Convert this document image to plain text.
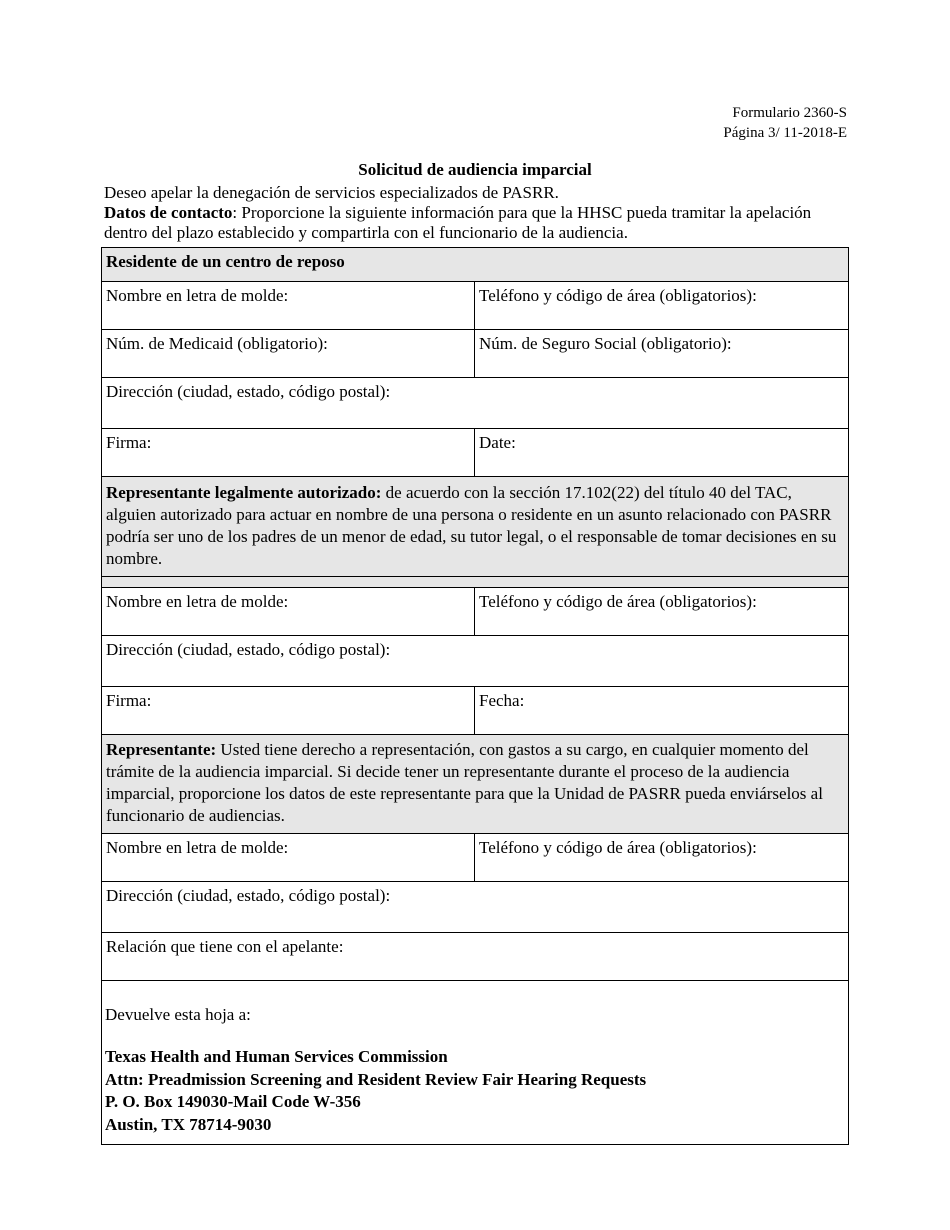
Formulario 2360-S
Página 3/ 11-2018-E
Solicitud de audiencia imparcial

Deseo apelar la denegación de servicios especializados de PASRR.

Datos de contacto: Proporcione la siguiente información para que la HHSC pueda tramitar la apelación dentro del plazo establecido y compartirla con el funcionario de la audiencia.

Residente de un centro de reposo
Nombre en letra de molde:	Teléfono y código de área (obligatorios):
Núm. de Medicaid (obligatorio):	Núm. de Seguro Social (obligatorio):
Dirección (ciudad, estado, código postal):
Firma:	Date:
Representante legalmente autorizado: de acuerdo con la sección 17.102(22) del título 40 del TAC, alguien autorizado para actuar en nombre de una persona o residente en un asunto relacionado con PASRR podría ser uno de los padres de un menor de edad, su tutor legal, o el responsable de tomar decisiones en su nombre.
Nombre en letra de molde:	Teléfono y código de área (obligatorios):
Dirección (ciudad, estado, código postal):
Firma:	Fecha:
Representante: Usted tiene derecho a representación, con gastos a su cargo, en cualquier momento del trámite de la audiencia imparcial. Si decide tener un representante durante el proceso de la audiencia imparcial, proporcione los datos de este representante para que la Unidad de PASRR pueda enviárselos al funcionario de audiencias.
Nombre en letra de molde:	Teléfono y código de área (obligatorios):
Dirección (ciudad, estado, código postal):
Relación que tiene con el apelante:
Devuelve esta hoja a:
Texas Health and Human Services Commission
Attn: Preadmission Screening and Resident Review Fair Hearing Requests
P. O. Box 149030-Mail Code W-356
Austin, TX 78714-9030
